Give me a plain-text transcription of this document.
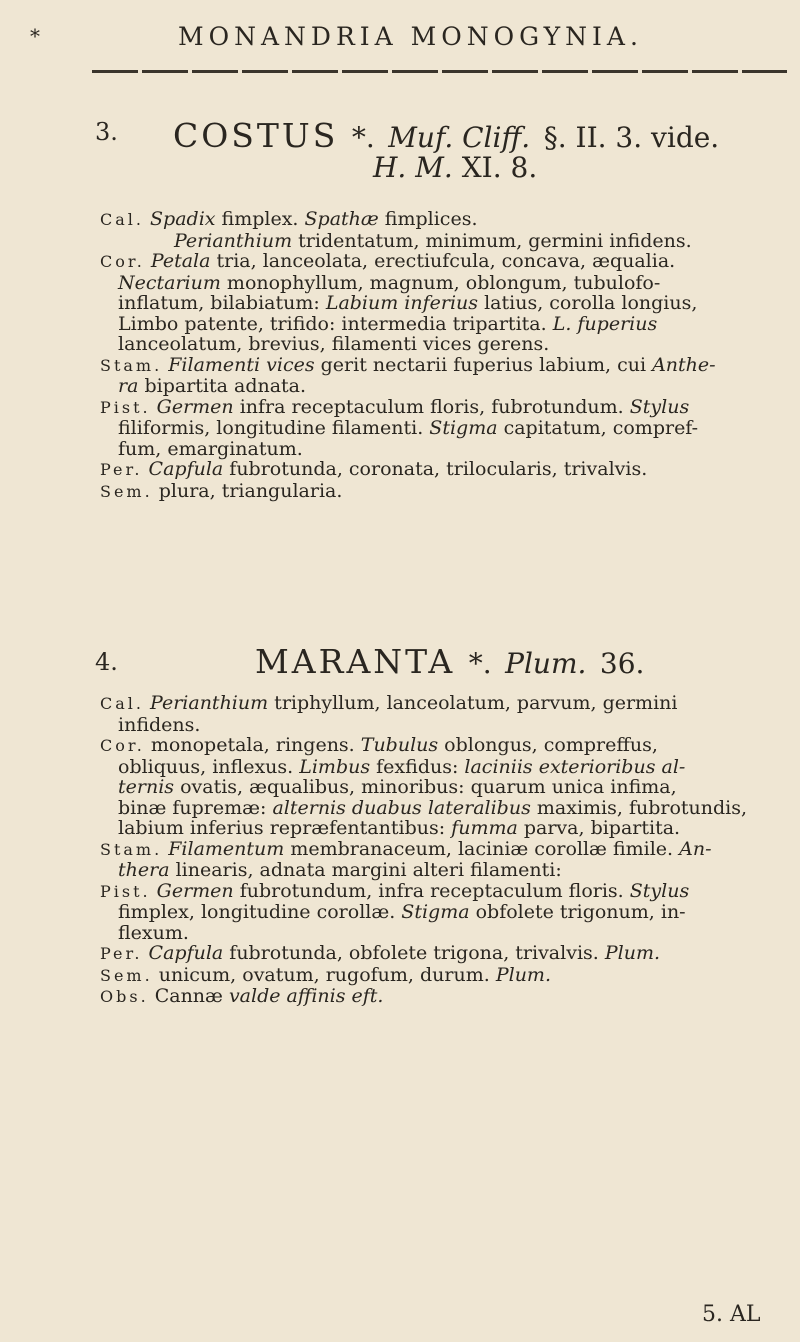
*	MONANDRIA MONOGYNIA.
3. COSTUS *. Muf. Cliff. §. II. 3. vide.
H. M. XI. 8.

Cal. Spadix fimplex. Spathæ fimplices.

Perianthium tridentatum, minimum, germini infidens.

Cor. Petala tria, lanceolata, erectiufcula, concava, æqualia.

Nectarium monophyllum, magnum, oblongum, tubulofo-

inflatum, bilabiatum: Labium inferius latius, corolla longius,

Limbo patente, trifido: intermedia tripartita. L. fuperius

lanceolatum, brevius, filamenti vices gerens.

Stam. Filamenti vices gerit nectarii fuperius labium, cui Anthe-

ra bipartita adnata.

Pist. Germen infra receptaculum floris, fubrotundum. Stylus

filiformis, longitudine filamenti. Stigma capitatum, compref-

fum, emarginatum.

Per. Capfula fubrotunda, coronata, trilocularis, trivalvis.

Sem. plura, triangularia.

4.	MARANTA *. Plum. 36.

Cal. Perianthium triphyllum, lanceolatum, parvum, germini

infidens.

Cor. monopetala, ringens. Tubulus oblongus, compreffus,

obliquus, inflexus. Limbus fexfidus: laciniis exterioribus al-

ternis ovatis, æqualibus, minoribus: quarum unica infima,

binæ fupremæ: alternis duabus lateralibus maximis, fubrotundis,

labium inferius repræfentantibus: fumma parva, bipartita.

Stam. Filamentum membranaceum, laciniæ corollæ fimile. An-

thera linearis, adnata margini alteri filamenti:

Pist. Germen fubrotundum, infra receptaculum floris. Stylus

fimplex, longitudine corollæ. Stigma obfolete trigonum, in-

flexum.

Per. Capfula fubrotunda, obfolete trigona, trivalvis. Plum.

Sem. unicum, ovatum, rugofum, durum. Plum.

Obs. Cannæ valde affinis eft.

5. AL
